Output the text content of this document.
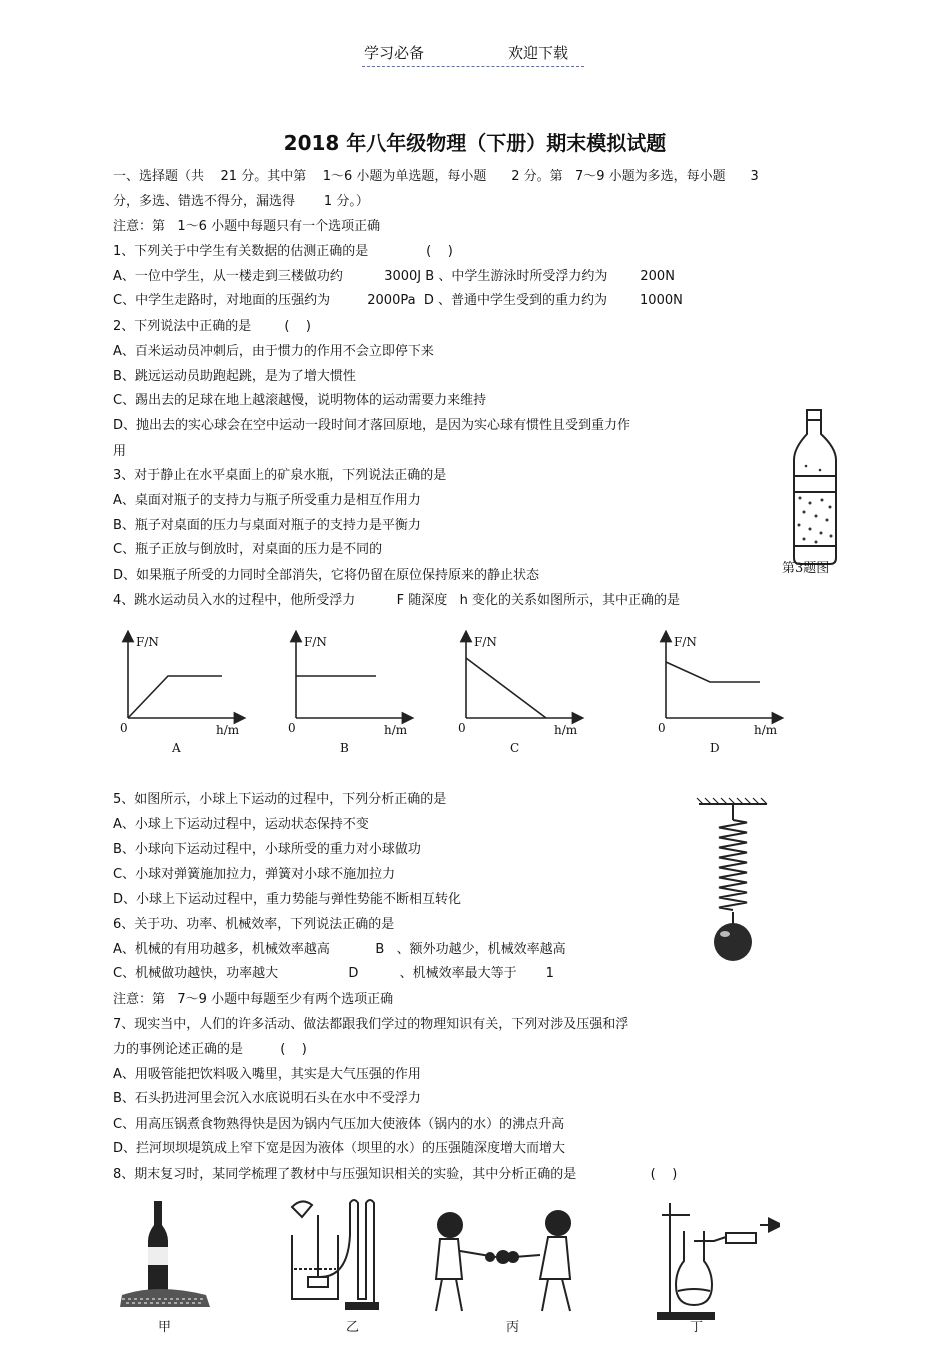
学习必备	欢迎下载
2018 年八年级物理（下册）期末模拟试题
一、选择题（共    21 分。其中第    1～6 小题为单选题，每小题      2 分。第   7～9 小题为多选，每小题      3
分，多选、错选不得分，漏选得       1 分。）
注意：第   1～6 小题中每题只有一个选项正确
1、下列关于中学生有关数据的估测正确的是              (    )
A、一位中学生，从一楼走到三楼做功约          3000J B 、中学生游泳时所受浮力约为        200N
C、中学生走路时，对地面的压强约为         2000Pa  D 、普通中学生受到的重力约为        1000N
2、下列说法中正确的是        (    )
A、百米运动员冲刺后，由于惯力的作用不会立即停下来
B、跳远运动员助跑起跳，是为了增大惯性
C、踢出去的足球在地上越滚越慢，说明物体的运动需要力来维持
D、抛出去的实心球会在空中运动一段时间才落回原地，是因为实心球有惯性且受到重力作
用
3、对于静止在水平桌面上的矿泉水瓶，下列说法正确的是
A、桌面对瓶子的支持力与瓶子所受重力是相互作用力
B、瓶子对桌面的压力与桌面对瓶子的支持力是平衡力
C、瓶子正放与倒放时，对桌面的压力是不同的
D、如果瓶子所受的力同时全部消失，它将仍留在原位保持原来的静止状态
4、跳水运动员入水的过程中，他所受浮力          F 随深度   h 变化的关系如图所示，其中正确的是
5、如图所示，小球上下运动的过程中，下列分析正确的是
A、小球上下运动过程中，运动状态保持不变
B、小球向下运动过程中，小球所受的重力对小球做功
C、小球对弹簧施加拉力，弹簧对小球不施加拉力
D、小球上下运动过程中，重力势能与弹性势能不断相互转化
6、关于功、功率、机械效率，下列说法正确的是
A、机械的有用功越多，机械效率越高           B   、额外功越少，机械效率越高
C、机械做功越快，功率越大                 D          、机械效率最大等于       1
注意：第   7～9 小题中每题至少有两个选项正确
7、现实当中，人们的许多活动、做法都跟我们学过的物理知识有关，下列对涉及压强和浮
力的事例论述正确的是         (    )
A、用吸管能把饮料吸入嘴里，其实是大气压强的作用
B、石头扔进河里会沉入水底说明石头在水中不受浮力
C、用高压锅煮食物熟得快是因为锅内气压加大使液体（锅内的水）的沸点升高
D、拦河坝坝堤筑成上窄下宽是因为液体（坝里的水）的压强随深度增大而增大
8、期末复习时，某同学梳理了教材中与压强知识相关的实验，其中分析正确的是                  (    )
第3题图
F/N
h/m
0
A
F/N
h/m
0
B
F/N
h/m
0
C
F/N
h/m
0
D
甲	乙	丙	丁
